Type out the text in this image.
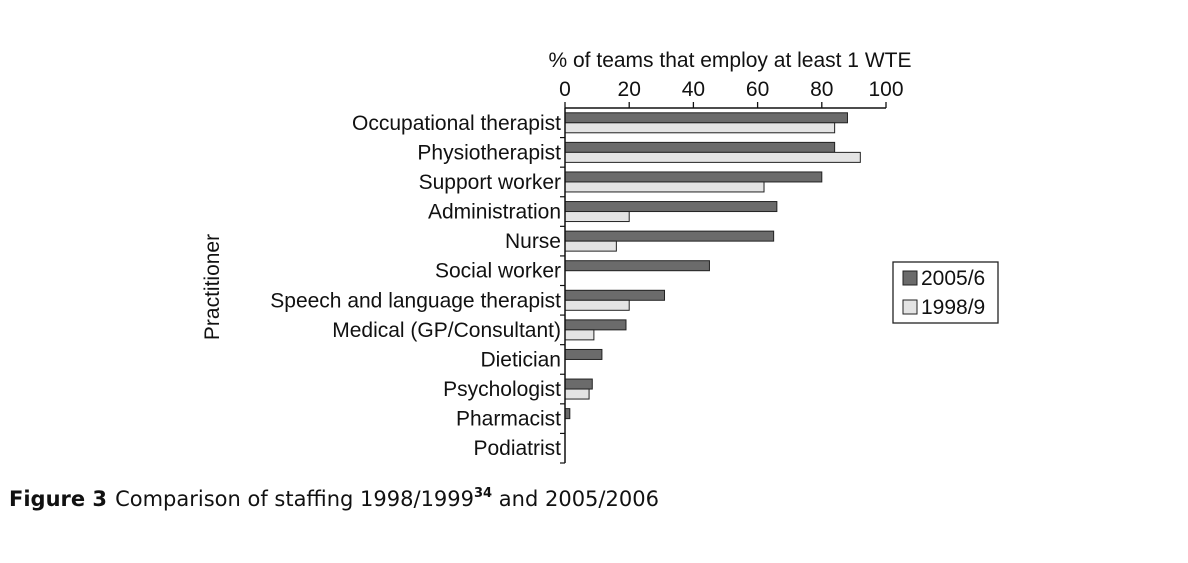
% of teams that employ at least 1 WTE
Practitioner
0 20 40 60 80 100
Occupational therapist
Physiotherapist
Support worker
Administration
Nurse
Social worker
Speech and language therapist
Medical (GP/Consultant)
Dietician
Psychologist
Pharmacist
Podiatrist
2005/6
1998/9
Figure 3 Comparison of staffing 1998/1999$^{34}$ and 2005/2006
